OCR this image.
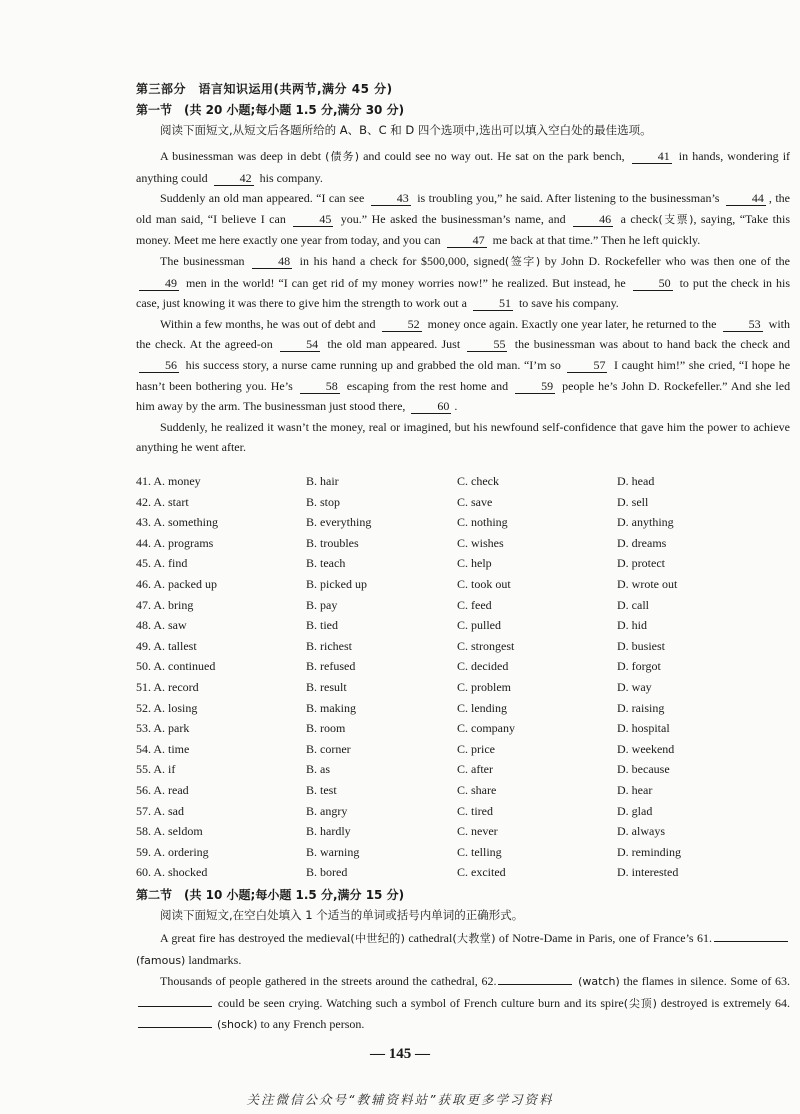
第三部分　语言知识运用(共两节,满分 45 分)
第一节　(共 20 小题;每小题 1.5 分,满分 30 分)
阅读下面短文,从短文后各题所给的 A、B、C 和 D 四个选项中,选出可以填入空白处的最佳选项。

A businessman was deep in debt (债务) and could see no way out. He sat on the park bench,	41 in hands, wondering if anything could	42 his company.

Suddenly an old man appeared. “I can see	43 is troubling you,” he said. After listening to the businessman’s	44 , the old man said, “I believe I can	45 you.” He asked the businessman’s name, and	46 a check(支票), saying, “Take this money. Meet me here exactly one year from today, and you can	47 me back at that time.” Then he left quickly.

The businessman	48 in his hand a check for $500,000, signed(签字) by John D. Rockefeller who was then one of the 49 men in the world! “I can get rid of my money worries now!” he realized. But instead, he	50 to put the check in his case, just knowing it was there to give him the strength to work out a	51 to save his company.

Within a few months, he was out of debt and	52 money once again. Exactly one year later, he returned to the	53 with the check. At the agreed-on	54 the old man appeared. Just	55 the businessman was about to hand back the check and 56 his success story, a nurse came running up and grabbed the old man. “I’m so	57 I caught him!” she cried, “I hope he hasn’t been bothering you. He’s	58 escaping from the rest home and	59 people he’s John D. Rockefeller.” And she led him away by the arm. The businessman just stood there,	60 .

Suddenly, he realized it wasn’t the money, real or imagined, but his newfound self-confidence that gave him the power to achieve anything he went after.

41. A. money	B. hair	C. check	D. head
42. A. start	B. stop	C. save	D. sell
43. A. something	B. everything	C. nothing	D. anything
44. A. programs	B. troubles	C. wishes	D. dreams
45. A. find	B. teach	C. help	D. protect
46. A. packed up	B. picked up	C. took out	D. wrote out
47. A. bring	B. pay	C. feed	D. call
48. A. saw	B. tied	C. pulled	D. hid
49. A. tallest	B. richest	C. strongest	D. busiest
50. A. continued	B. refused	C. decided	D. forgot
51. A. record	B. result	C. problem	D. way
52. A. losing	B. making	C. lending	D. raising
53. A. park	B. room	C. company	D. hospital
54. A. time	B. corner	C. price	D. weekend
55. A. if	B. as	C. after	D. because
56. A. read	B. test	C. share	D. hear
57. A. sad	B. angry	C. tired	D. glad
58. A. seldom	B. hardly	C. never	D. always
59. A. ordering	B. warning	C. telling	D. reminding
60. A. shocked	B. bored	C. excited	D. interested
第二节　(共 10 小题;每小题 1.5 分,满分 15 分)
阅读下面短文,在空白处填入 1 个适当的单词或括号内单词的正确形式。

A great fire has destroyed the medieval(中世纪的) cathedral(大教堂) of Notre-Dame in Paris, one of France’s 61. (famous) landmarks.

Thousands of people gathered in the streets around the cathedral, 62.	(watch) the flames in silence. Some of 63. could be seen crying. Watching such a symbol of French culture burn and its spire(尖顶) destroyed is extremely 64. (shock) to any French person.

— 145 —
关注微信公众号“教辅资料站”获取更多学习资料
